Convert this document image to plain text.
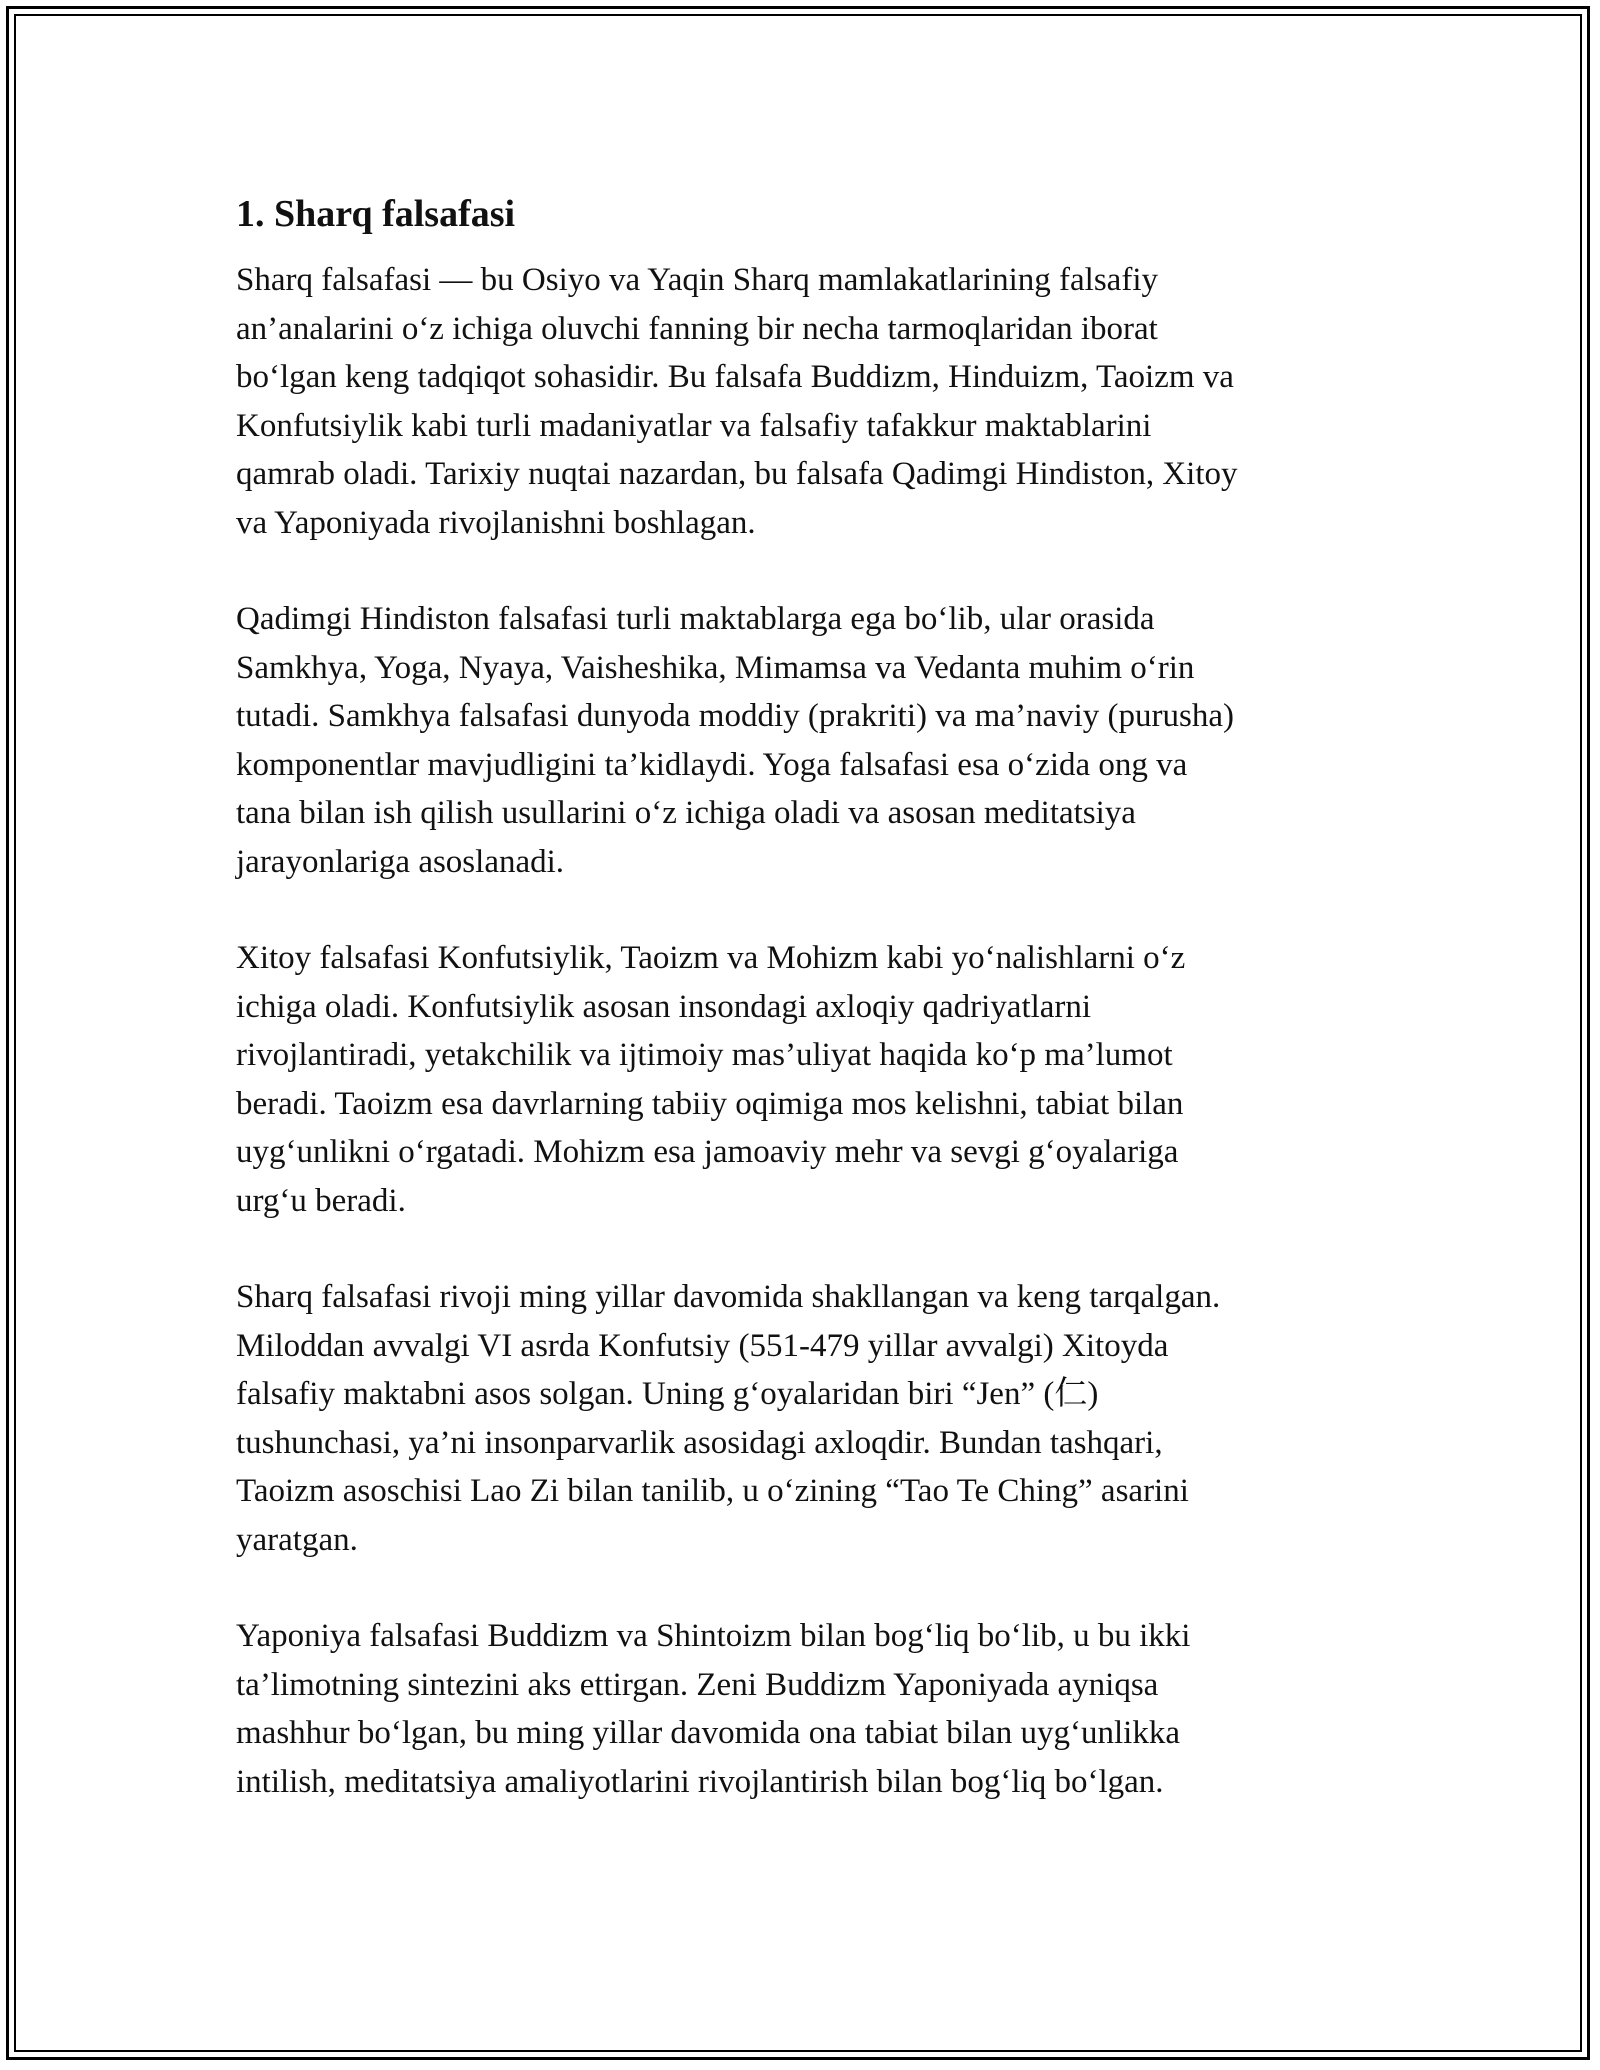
1. Sharq falsafasi

Sharq falsafasi — bu Osiyo va Yaqin Sharq mamlakatlarining falsafiy
an’analarini o‘z ichiga oluvchi fanning bir necha tarmoqlaridan iborat
bo‘lgan keng tadqiqot sohasidir. Bu falsafa Buddizm, Hinduizm, Taoizm va
Konfutsiylik kabi turli madaniyatlar va falsafiy tafakkur maktablarini
qamrab oladi. Tarixiy nuqtai nazardan, bu falsafa Qadimgi Hindiston, Xitoy
va Yaponiyada rivojlanishni boshlagan.

Qadimgi Hindiston falsafasi turli maktablarga ega bo‘lib, ular orasida
Samkhya, Yoga, Nyaya, Vaisheshika, Mimamsa va Vedanta muhim o‘rin
tutadi. Samkhya falsafasi dunyoda moddiy (prakriti) va ma’naviy (purusha)
komponentlar mavjudligini ta’kidlaydi. Yoga falsafasi esa o‘zida ong va
tana bilan ish qilish usullarini o‘z ichiga oladi va asosan meditatsiya
jarayonlariga asoslanadi.

Xitoy falsafasi Konfutsiylik, Taoizm va Mohizm kabi yo‘nalishlarni o‘z
ichiga oladi. Konfutsiylik asosan insondagi axloqiy qadriyatlarni
rivojlantiradi, yetakchilik va ijtimoiy mas’uliyat haqida ko‘p ma’lumot
beradi. Taoizm esa davrlarning tabiiy oqimiga mos kelishni, tabiat bilan
uyg‘unlikni o‘rgatadi. Mohizm esa jamoaviy mehr va sevgi g‘oyalariga
urg‘u beradi.

Sharq falsafasi rivoji ming yillar davomida shakllangan va keng tarqalgan.
Miloddan avvalgi VI asrda Konfutsiy (551-479 yillar avvalgi) Xitoyda
falsafiy maktabni asos solgan. Uning g‘oyalaridan biri “Jen” (仁)
tushunchasi, ya’ni insonparvarlik asosidagi axloqdir. Bundan tashqari,
Taoizm asoschisi Lao Zi bilan tanilib, u o‘zining “Tao Te Ching” asarini
yaratgan.

Yaponiya falsafasi Buddizm va Shintoizm bilan bog‘liq bo‘lib, u bu ikki
ta’limotning sintezini aks ettirgan. Zeni Buddizm Yaponiyada ayniqsa
mashhur bo‘lgan, bu ming yillar davomida ona tabiat bilan uyg‘unlikka
intilish, meditatsiya amaliyotlarini rivojlantirish bilan bog‘liq bo‘lgan.
